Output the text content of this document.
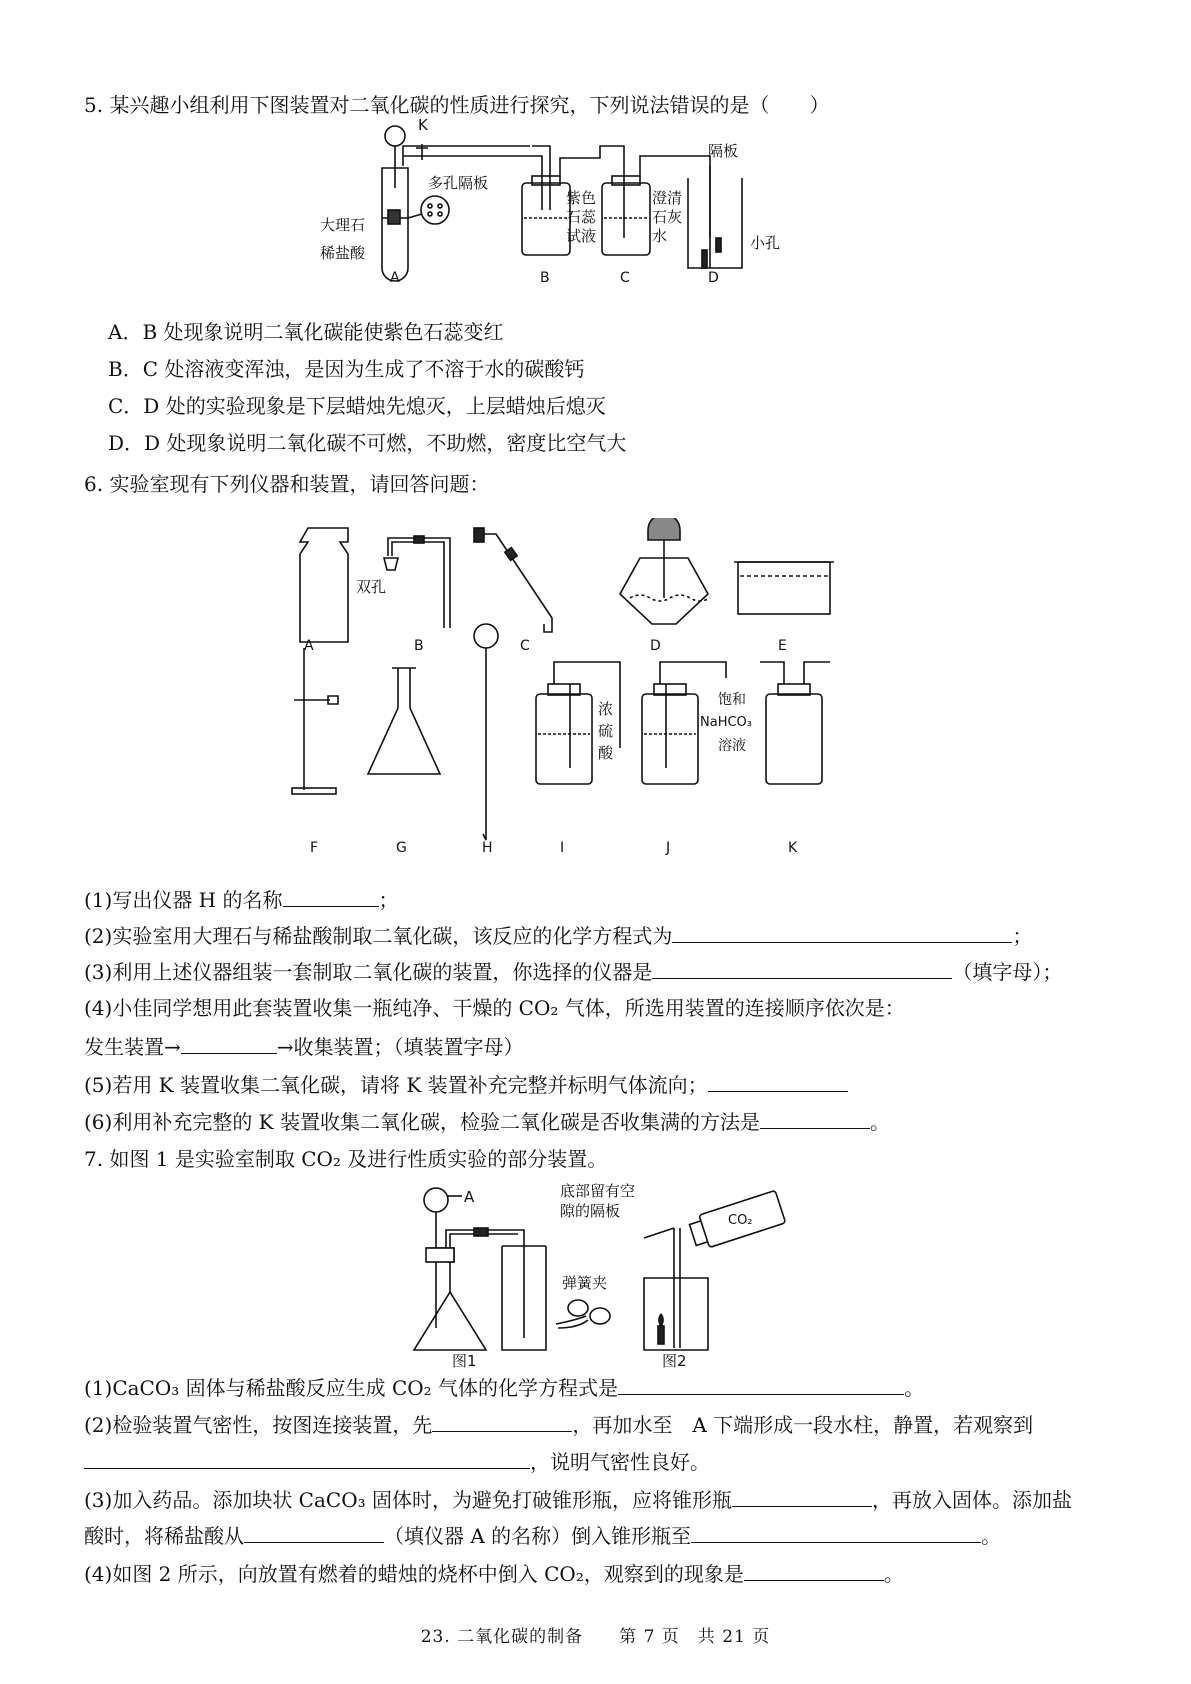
5. 某兴趣小组利用下图装置对二氧化碳的性质进行探究，下列说法错误的是（　　）
K
多孔隔板
大理石
稀盐酸
紫色
石蕊
试液
澄清
石灰
水
隔板
小孔
A	B	C	D
A．B 处现象说明二氧化碳能使紫色石蕊变红
B．C 处溶液变浑浊，是因为生成了不溶于水的碳酸钙
C．D 处的实验现象是下层蜡烛先熄灭，上层蜡烛后熄灭
D．D 处现象说明二氧化碳不可燃，不助燃，密度比空气大
6. 实验室现有下列仪器和装置，请回答问题：
双孔
浓
硫
酸
饱和
NaHCO₃
溶液
A	B	C	D	E
F	G	H	I	J	K
(1)写出仪器 H 的名称	；
(2)实验室用大理石与稀盐酸制取二氧化碳，该反应的化学方程式为	；
(3)利用上述仪器组装一套制取二氧化碳的装置，你选择的仪器是	（填字母）；
(4)小佳同学想用此套装置收集一瓶纯净、干燥的 CO₂ 气体，所选用装置的连接顺序依次是：
发生装置→	→收集装置；（填装置字母）
(5)若用 K 装置收集二氧化碳，请将 K 装置补充完整并标明气体流向；
(6)利用补充完整的 K 装置收集二氧化碳，检验二氧化碳是否收集满的方法是	。
7. 如图 1 是实验室制取 CO₂ 及进行性质实验的部分装置。
A	底部留有空
隙的隔板
CO₂
弹簧夹
图1	图2
(1)CaCO₃ 固体与稀盐酸反应生成 CO₂ 气体的化学方程式是	。
(2)检验装置气密性，按图连接装置，先	，再加水至　A 下端形成一段水柱，静置，若观察到
，说明气密性良好。
(3)加入药品。添加块状 CaCO₃ 固体时，为避免打破锥形瓶，应将锥形瓶	，再放入固体。添加盐
酸时，将稀盐酸从	（填仪器 A 的名称）倒入锥形瓶至	。
(4)如图 2 所示，向放置有燃着的蜡烛的烧杯中倒入 CO₂，观察到的现象是	。
23. 二氧化碳的制备　　第 7 页　共 21 页
